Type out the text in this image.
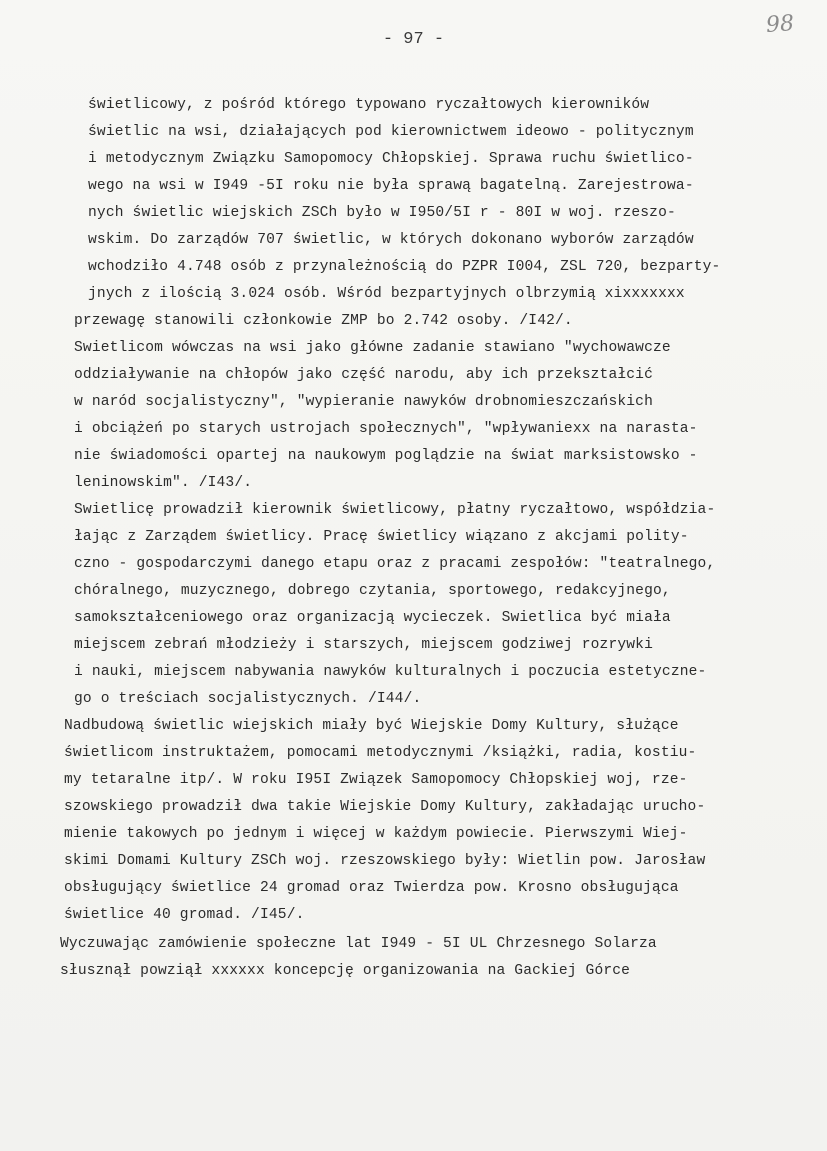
- 97 -
98
świetlicowy, z pośród którego typowano ryczałtowych kierowników
świetlic na wsi, działających pod kierownictwem ideowo - politycznym
i metodycznym Związku Samopomocy Chłopskiej. Sprawa ruchu świetlico-
wego na wsi w I949 -5I roku nie była sprawą bagatelną. Zarejestrowa-
nych świetlic wiejskich ZSCh było w I950/5I r - 80I w woj. rzeszo-
wskim. Do zarządów 707 świetlic, w których dokonano wyborów zarządów
wchodziło 4.748 osób z przynależnością do PZPR I004, ZSL 720, bezparty-
jnych z ilością 3.024 osób. Wśród bezpartyjnych olbrzymią xixxxxxxx
przewagę stanowili członkowie ZMP bo 2.742 osoby. /I42/.
Swietlicom wówczas na wsi jako główne zadanie stawiano "wychowawcze
oddziaływanie na chłopów jako część narodu, aby ich przekształcić
w naród socjalistyczny", "wypieranie nawyków drobnomieszczańskich
i obciążeń po starych ustrojach społecznych", "wpływaniexx na narasta-
nie świadomości opartej na naukowym poglądzie na świat marksistowsko -
leninowskim". /I43/.
Swietlicę prowadził kierownik świetlicowy, płatny ryczałtowo, współdzia-
łając z Zarządem świetlicy. Pracę świetlicy wiązano z akcjami polity-
czno - gospodarczymi danego etapu oraz z pracami zespołów: "teatralnego,
chóralnego, muzycznego, dobrego czytania, sportowego, redakcyjnego,
samokształceniowego oraz organizacją wycieczek. Swietlica być miała
miejscem zebrań młodzieży i starszych, miejscem godziwej rozrywki
i nauki, miejscem nabywania nawyków kulturalnych i poczucia estetyczne-
go o treściach socjalistycznych. /I44/.
Nadbudową świetlic wiejskich miały być Wiejskie Domy Kultury, służące
świetlicom instruktażem, pomocami metodycznymi /książki, radia, kostiu-
my tetaralne itp/. W roku I95I Związek Samopomocy Chłopskiej woj, rze-
szowskiego prowadził dwa takie Wiejskie Domy Kultury, zakładając urucho-
mienie takowych po jednym i więcej w każdym powiecie. Pierwszymi Wiej-
skimi Domami Kultury ZSCh woj. rzeszowskiego były: Wietlin pow. Jarosław
obsługujący świetlice 24 gromad oraz Twierdza pow. Krosno obsługująca
świetlice 40 gromad. /I45/.
Wyczuwając zamówienie społeczne lat I949 - 5I UL Chrzesnego Solarza
słusznął powziął xxxxxx koncepcję organizowania na Gackiej Górce
